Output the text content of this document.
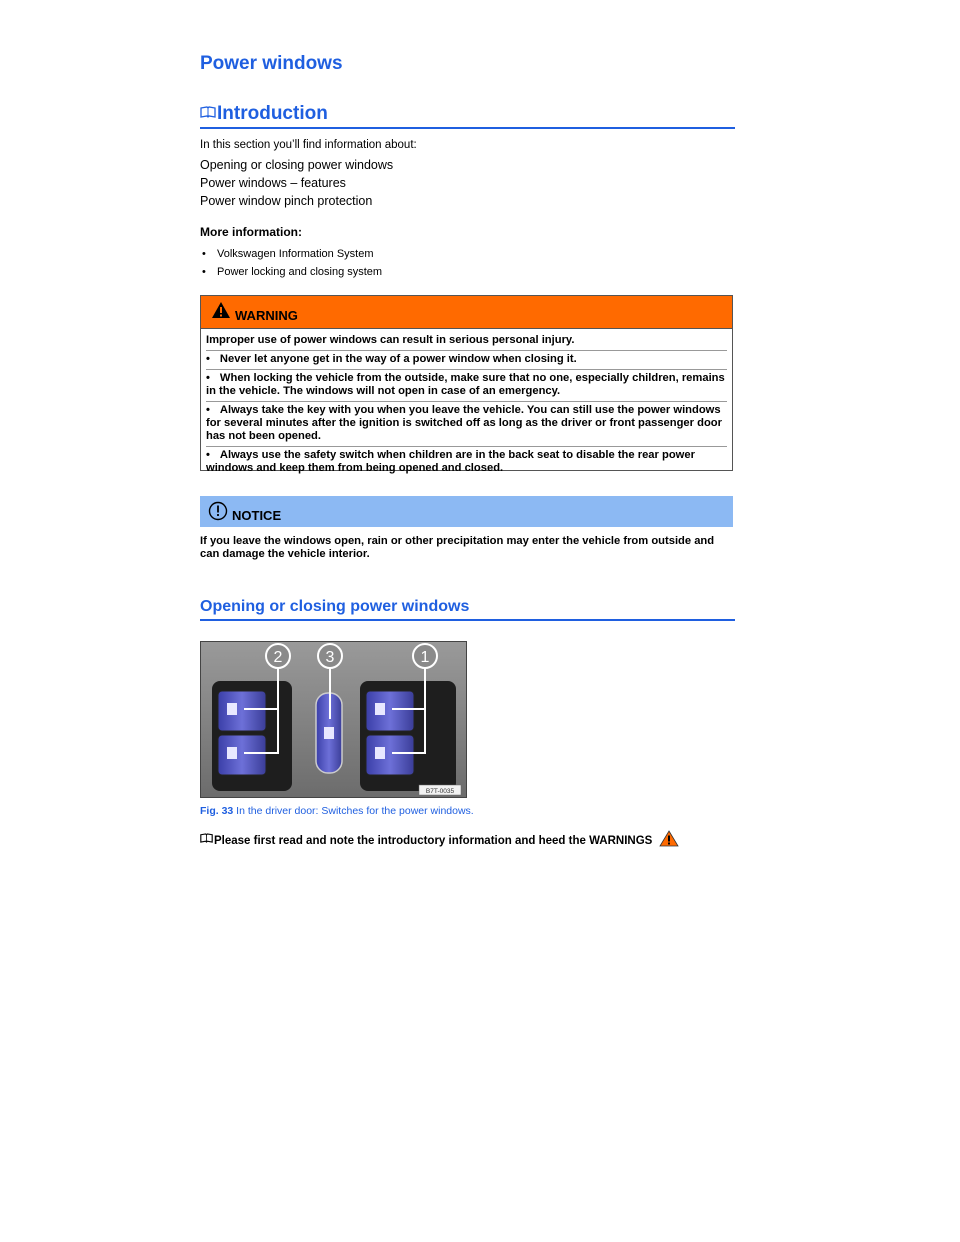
Power windows
Introduction

In this section you’ll find information about:

Opening or closing power windows
Power windows – features
Power window pinch protection

More information:

• Volkswagen Information System
• Power locking and closing system
WARNING
Improper use of power windows can result in serious personal injury.
• Never let anyone get in the way of a power window when closing it.
• When locking the vehicle from the outside, make sure that no one, especially children, remains in the vehicle. The windows will not open in case of an emergency.
• Always take the key with you when you leave the vehicle. You can still use the power windows for several minutes after the ignition is switched off as long as the driver or front passenger door has not been opened.
• Always use the safety switch when children are in the back seat to disable the rear power windows and keep them from being opened and closed.
NOTICE

If you leave the windows open, rain or other precipitation may enter the vehicle from outside and can damage the vehicle interior.

Opening or closing power windows
2	3	1
B7T-0035

Fig. 33 In the driver door: Switches for the power windows.

Please first read and note the introductory information and heed the WARNINGS
